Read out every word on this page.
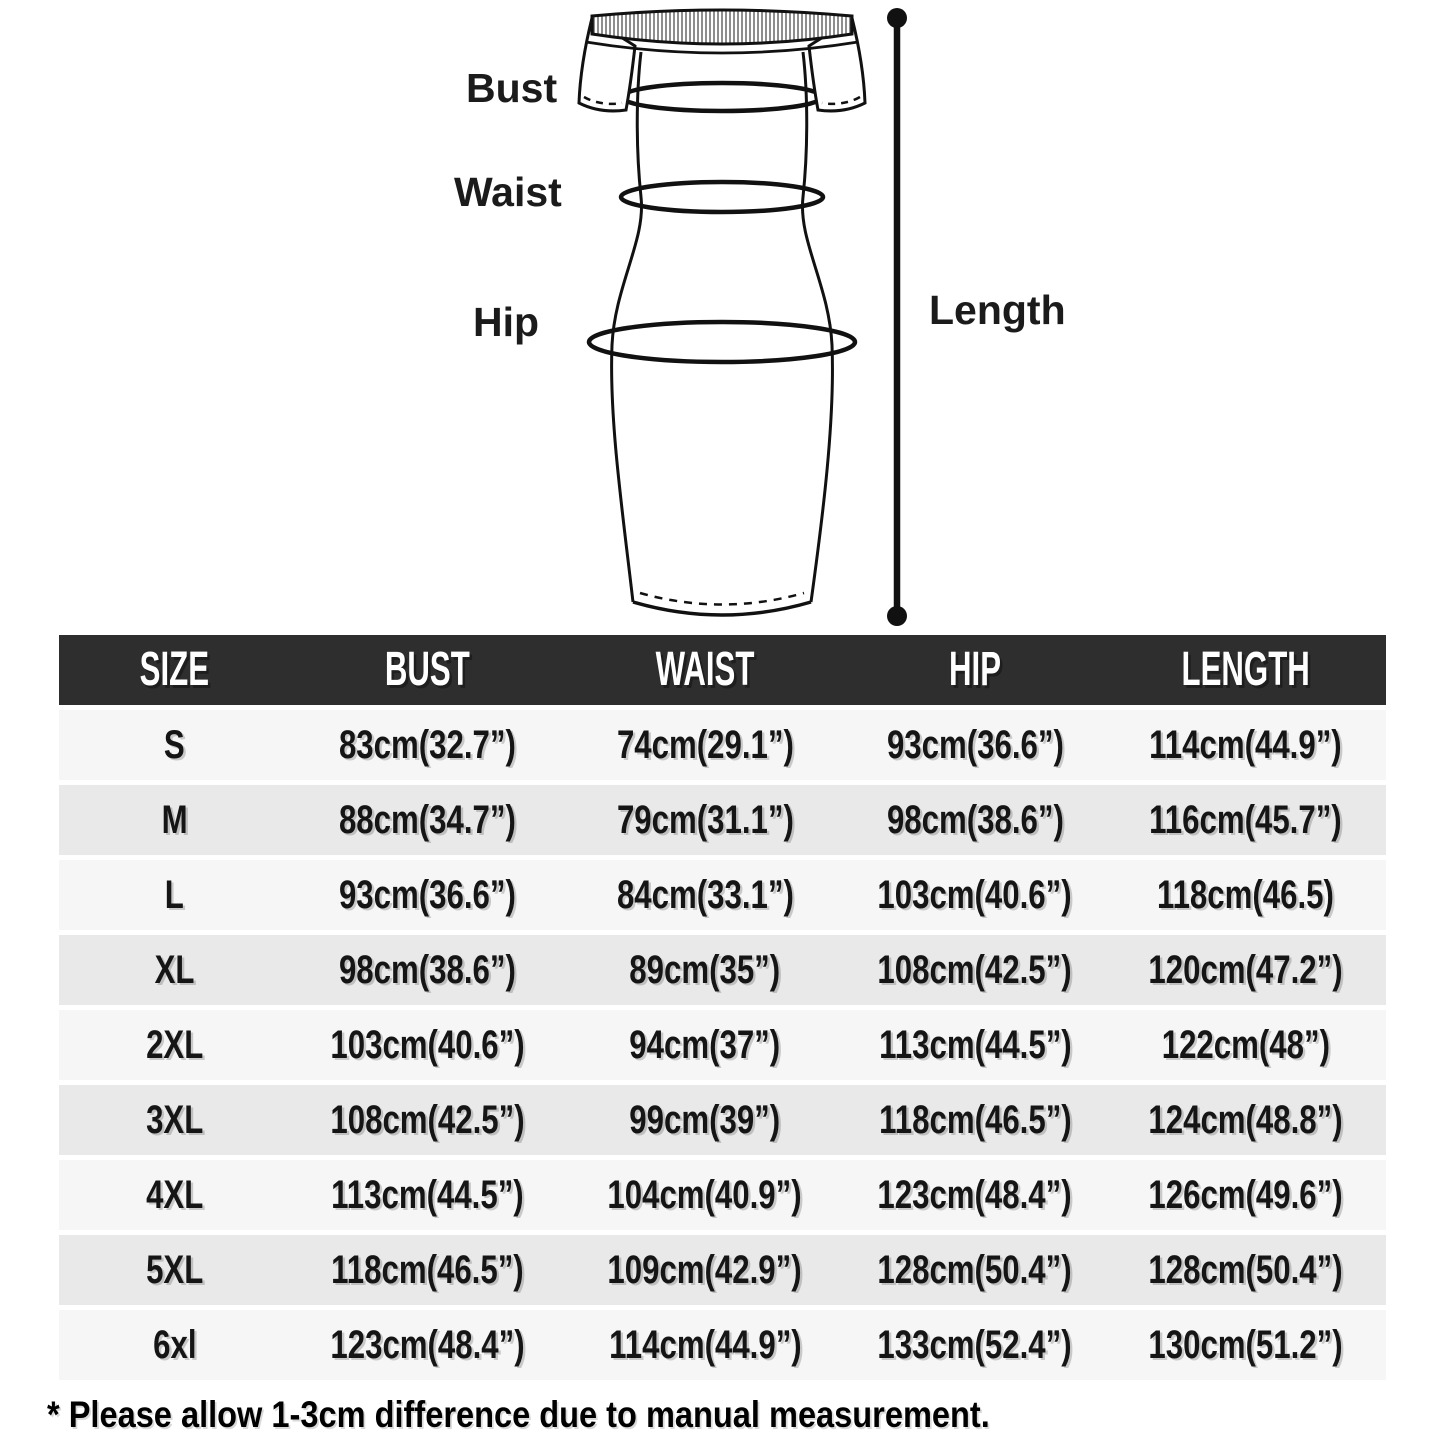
Bust
Waist
Hip	Length
SIZE	BUST	WAIST	HIP	LENGTH
S	83cm(32.7”)	74cm(29.1”) 93cm(36.6”) 114cm(44.9”)
M	88cm(34.7”)	79cm(31.1”) 98cm(38.6”) 116cm(45.7”)
L	93cm(36.6”)	84cm(33.1”) 103cm(40.6”) 118cm(46.5)
XL	98cm(38.6”)	89cm(35”) 108cm(42.5”) 120cm(47.2”)
2XL	103cm(40.6”)	94cm(37”) 113cm(44.5”) 122cm(48”)
3XL	108cm(42.5”)	99cm(39”) 118cm(46.5”) 124cm(48.8”)
4XL	113cm(44.5”) 104cm(40.9”) 123cm(48.4”) 126cm(49.6”)
5XL	118cm(46.5”) 109cm(42.9”) 128cm(50.4”) 128cm(50.4”)
6xl	123cm(48.4”) 114cm(44.9”) 133cm(52.4”) 130cm(51.2”)
* Please allow 1-3cm difference due to manual measurement.
